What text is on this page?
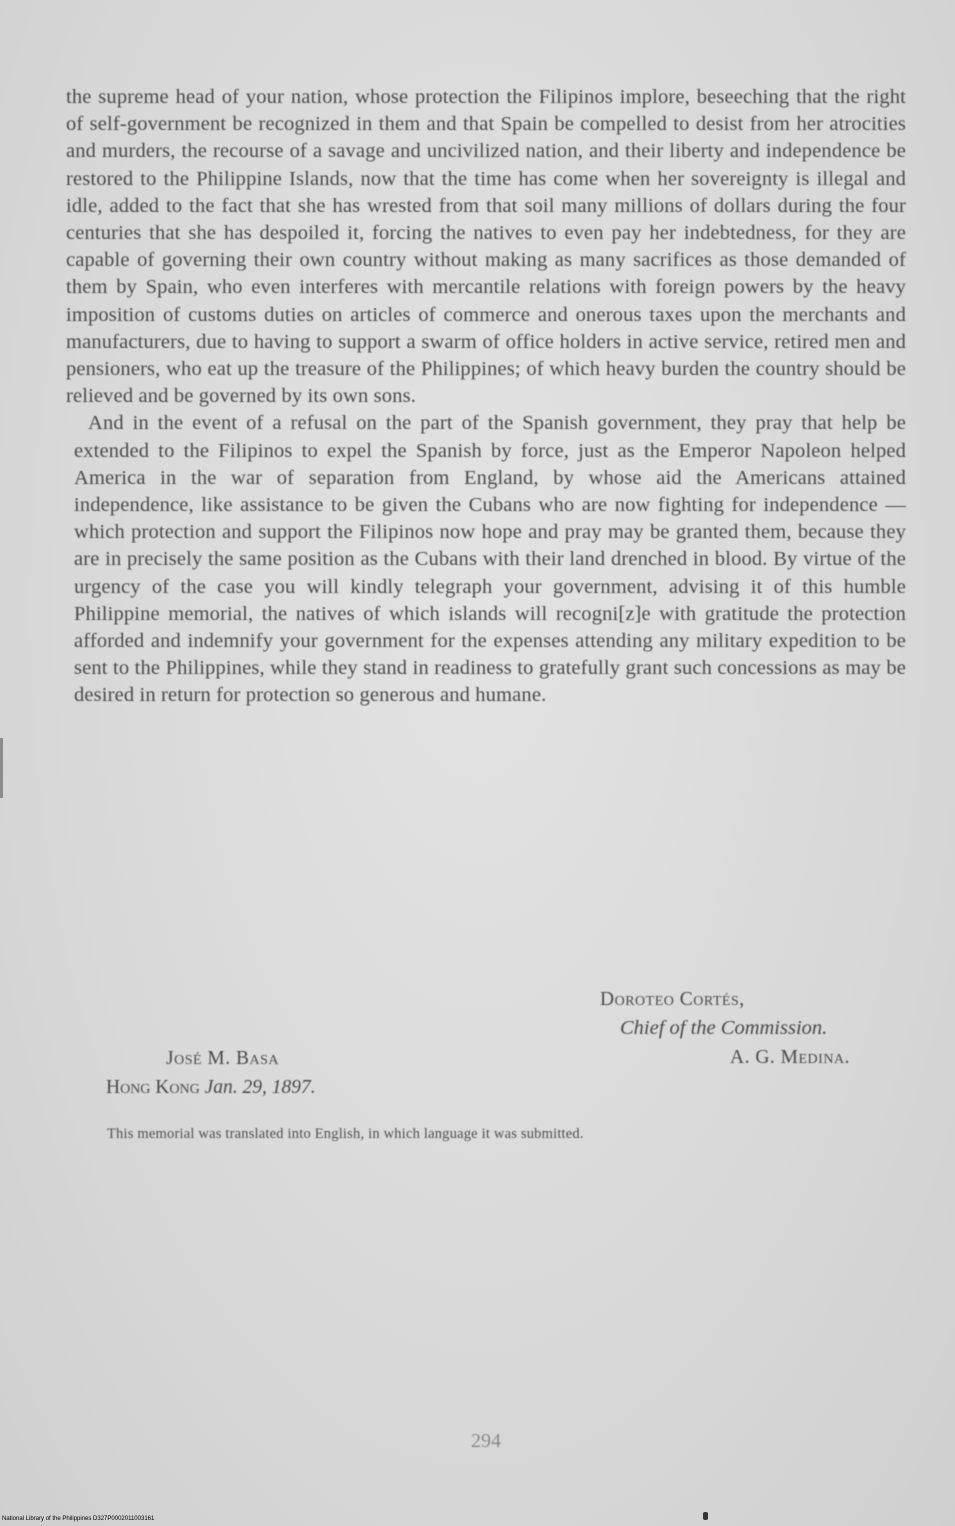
the supreme head of your nation, whose protection the Filipinos implore, beseeching that the right of self-government be recognized in them and that Spain be compelled to desist from her atrocities and murders, the recourse of a savage and uncivilized nation, and their liberty and independence be restored to the Philippine Islands, now that the time has come when her sovereignty is illegal and idle, added to the fact that she has wrested from that soil many millions of dollars during the four centuries that she has despoiled it, forcing the natives to even pay her indebtedness, for they are capable of governing their own country without making as many sacrifices as those demanded of them by Spain, who even interferes with mercantile relations with foreign powers by the heavy imposition of customs duties on articles of commerce and onerous taxes upon the merchants and manufacturers, due to having to support a swarm of office holders in active service, retired men and pensioners, who eat up the treasure of the Philippines; of which heavy burden the country should be relieved and be governed by its own sons.

And in the event of a refusal on the part of the Spanish government, they pray that help be extended to the Filipinos to expel the Spanish by force, just as the Emperor Napoleon helped America in the war of separation from England, by whose aid the Americans attained independence, like assistance to be given the Cubans who are now fighting for independence — which protection and support the Filipinos now hope and pray may be granted them, because they are in precisely the same position as the Cubans with their land drenched in blood. By virtue of the urgency of the case you will kindly telegraph your government, advising it of this humble Philippine memorial, the natives of which islands will recogni[z]e with gratitude the protection afforded and indemnify your government for the expenses attending any military expedition to be sent to the Philippines, while they stand in readiness to gratefully grant such concessions as may be desired in return for protection so generous and humane.

Doroteo Cortés,
Chief of the Commission.
A. G. Medina.
José M. Basa
Hong Kong Jan. 29, 1897.
This memorial was translated into English, in which language it was submitted.
294
National Library of the Philippines D327P0002011003161
